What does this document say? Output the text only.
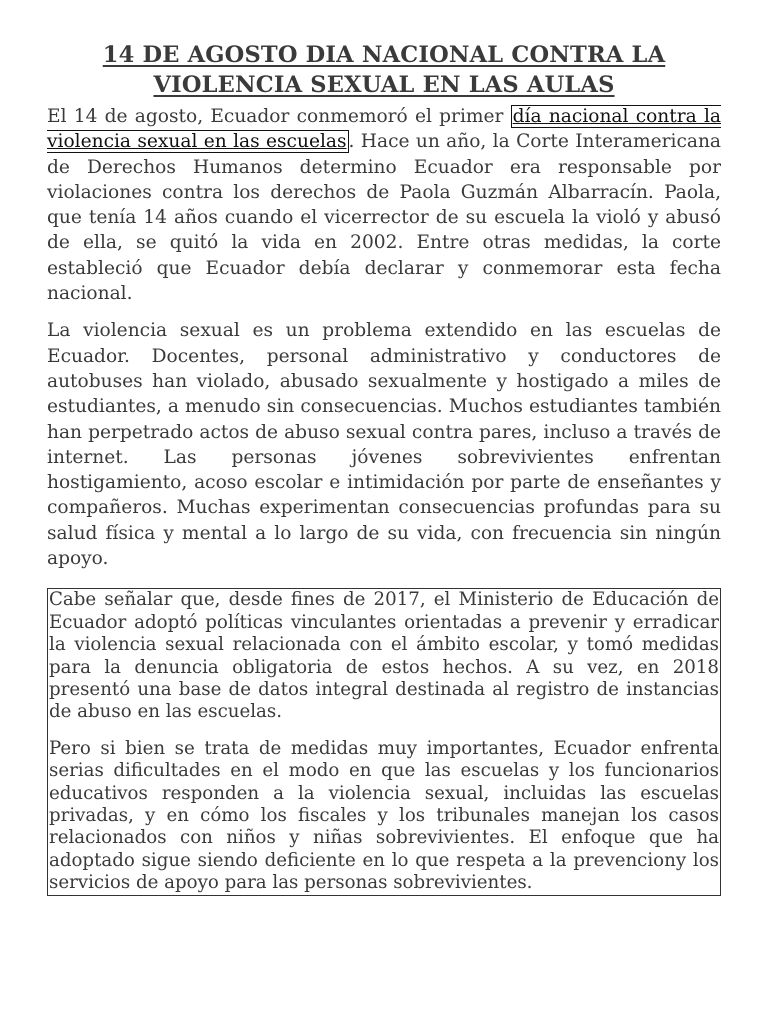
14 DE AGOSTO DIA NACIONAL CONTRA LA
VIOLENCIA SEXUAL EN LAS AULAS

El 14 de agosto, Ecuador conmemoró el primer día nacional contra la violencia sexual en las escuelas . Hace un año, la Corte Interamericana de Derechos Humanos determino Ecuador era responsable por violaciones contra los derechos de Paola Guzmán Albarracín. Paola, que tenía 14 años cuando el vicerrector de su escuela la violó y abusó de ella, se quitó la vida en 2002. Entre otras medidas, la corte estableció que Ecuador debía declarar y conmemorar esta fecha nacional.

La violencia sexual es un problema extendido en las escuelas de Ecuador. Docentes, personal administrativo y conductores de autobuses han violado, abusado sexualmente y hostigado a miles de estudiantes, a menudo sin consecuencias. Muchos estudiantes también han perpetrado actos de abuso sexual contra pares, incluso a través de internet. Las personas jóvenes sobrevivientes enfrentan hostigamiento, acoso escolar e intimidación por parte de enseñantes y compañeros. Muchas experimentan consecuencias profundas para su salud física y mental a lo largo de su vida, con frecuencia sin ningún apoyo.

Cabe señalar que, desde fines de 2017, el Ministerio de Educación de Ecuador adoptó políticas vinculantes orientadas a prevenir y erradicar la violencia sexual relacionada con el ámbito escolar, y tomó medidas para la denuncia obligatoria de estos hechos. A su vez, en 2018 presentó una base de datos integral destinada al registro de instancias de abuso en las escuelas.

Pero si bien se trata de medidas muy importantes, Ecuador enfrenta serias dificultades en el modo en que las escuelas y los funcionarios educativos responden a la violencia sexual, incluidas las escuelas privadas, y en cómo los fiscales y los tribunales manejan los casos relacionados con niños y niñas sobrevivientes. El enfoque que ha adoptado sigue siendo deficiente en lo que respeta a la prevenciony los servicios de apoyo para las personas sobrevivientes.
